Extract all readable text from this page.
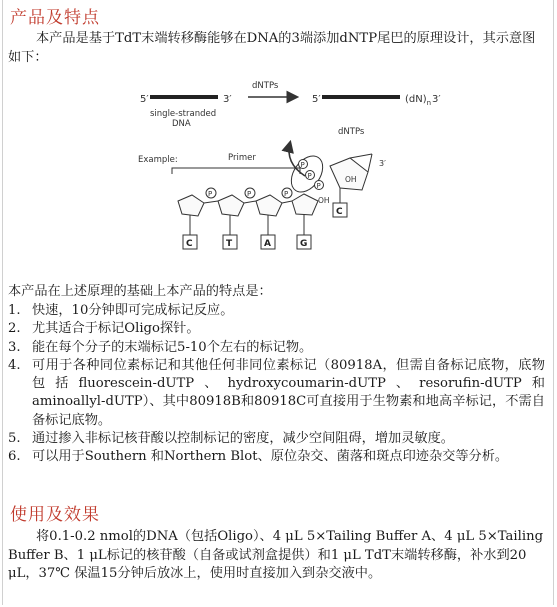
产品及特点
本产品是基于TdT末端转移酶能够在DNA的3端添加dNTP尾巴的原理设计，其示意图如下：
5′	3′
single-stranded
DNA
dNTPs
5′	$(dN)_n$ 3′
Example:	Primer
P	P	P
OH
C	T	A	G
dNTPs
P
P
P
OH
3′
C
本产品在上述原理的基础上本产品的特点是：
1. 快速，10分钟即可完成标记反应。
2. 尤其适合于标记Oligo探针。
3. 能在每个分子的末端标记5-10个左右的标记物。
4. 可用于各种同位素标记和其他任何非同位素标记（80918A，但需自备标记底物，底物包括fluorescein-dUTP、hydroxycoumarin-dUTP、resorufin-dUTP和aminoallyl-dUTP）、其中80918B和80918C可直接用于生物素和地高辛标记，不需自备标记底物。
5. 通过掺入非标记核苷酸以控制标记的密度，减少空间阻碍，增加灵敏度。
6. 可以用于Southern 和Northern Blot、原位杂交、菌落和斑点印迹杂交等分析。
使用及效果
将0.1-0.2 nmol的DNA（包括Oligo）、4 μL 5×Tailing Buffer A、4 μL 5×Tailing Buffer B、1 μL标记的核苷酸（自备或试剂盒提供）和1 μL TdT末端转移酶，补水到20 μL，37℃ 保温15分钟后放冰上，使用时直接加入到杂交液中。
